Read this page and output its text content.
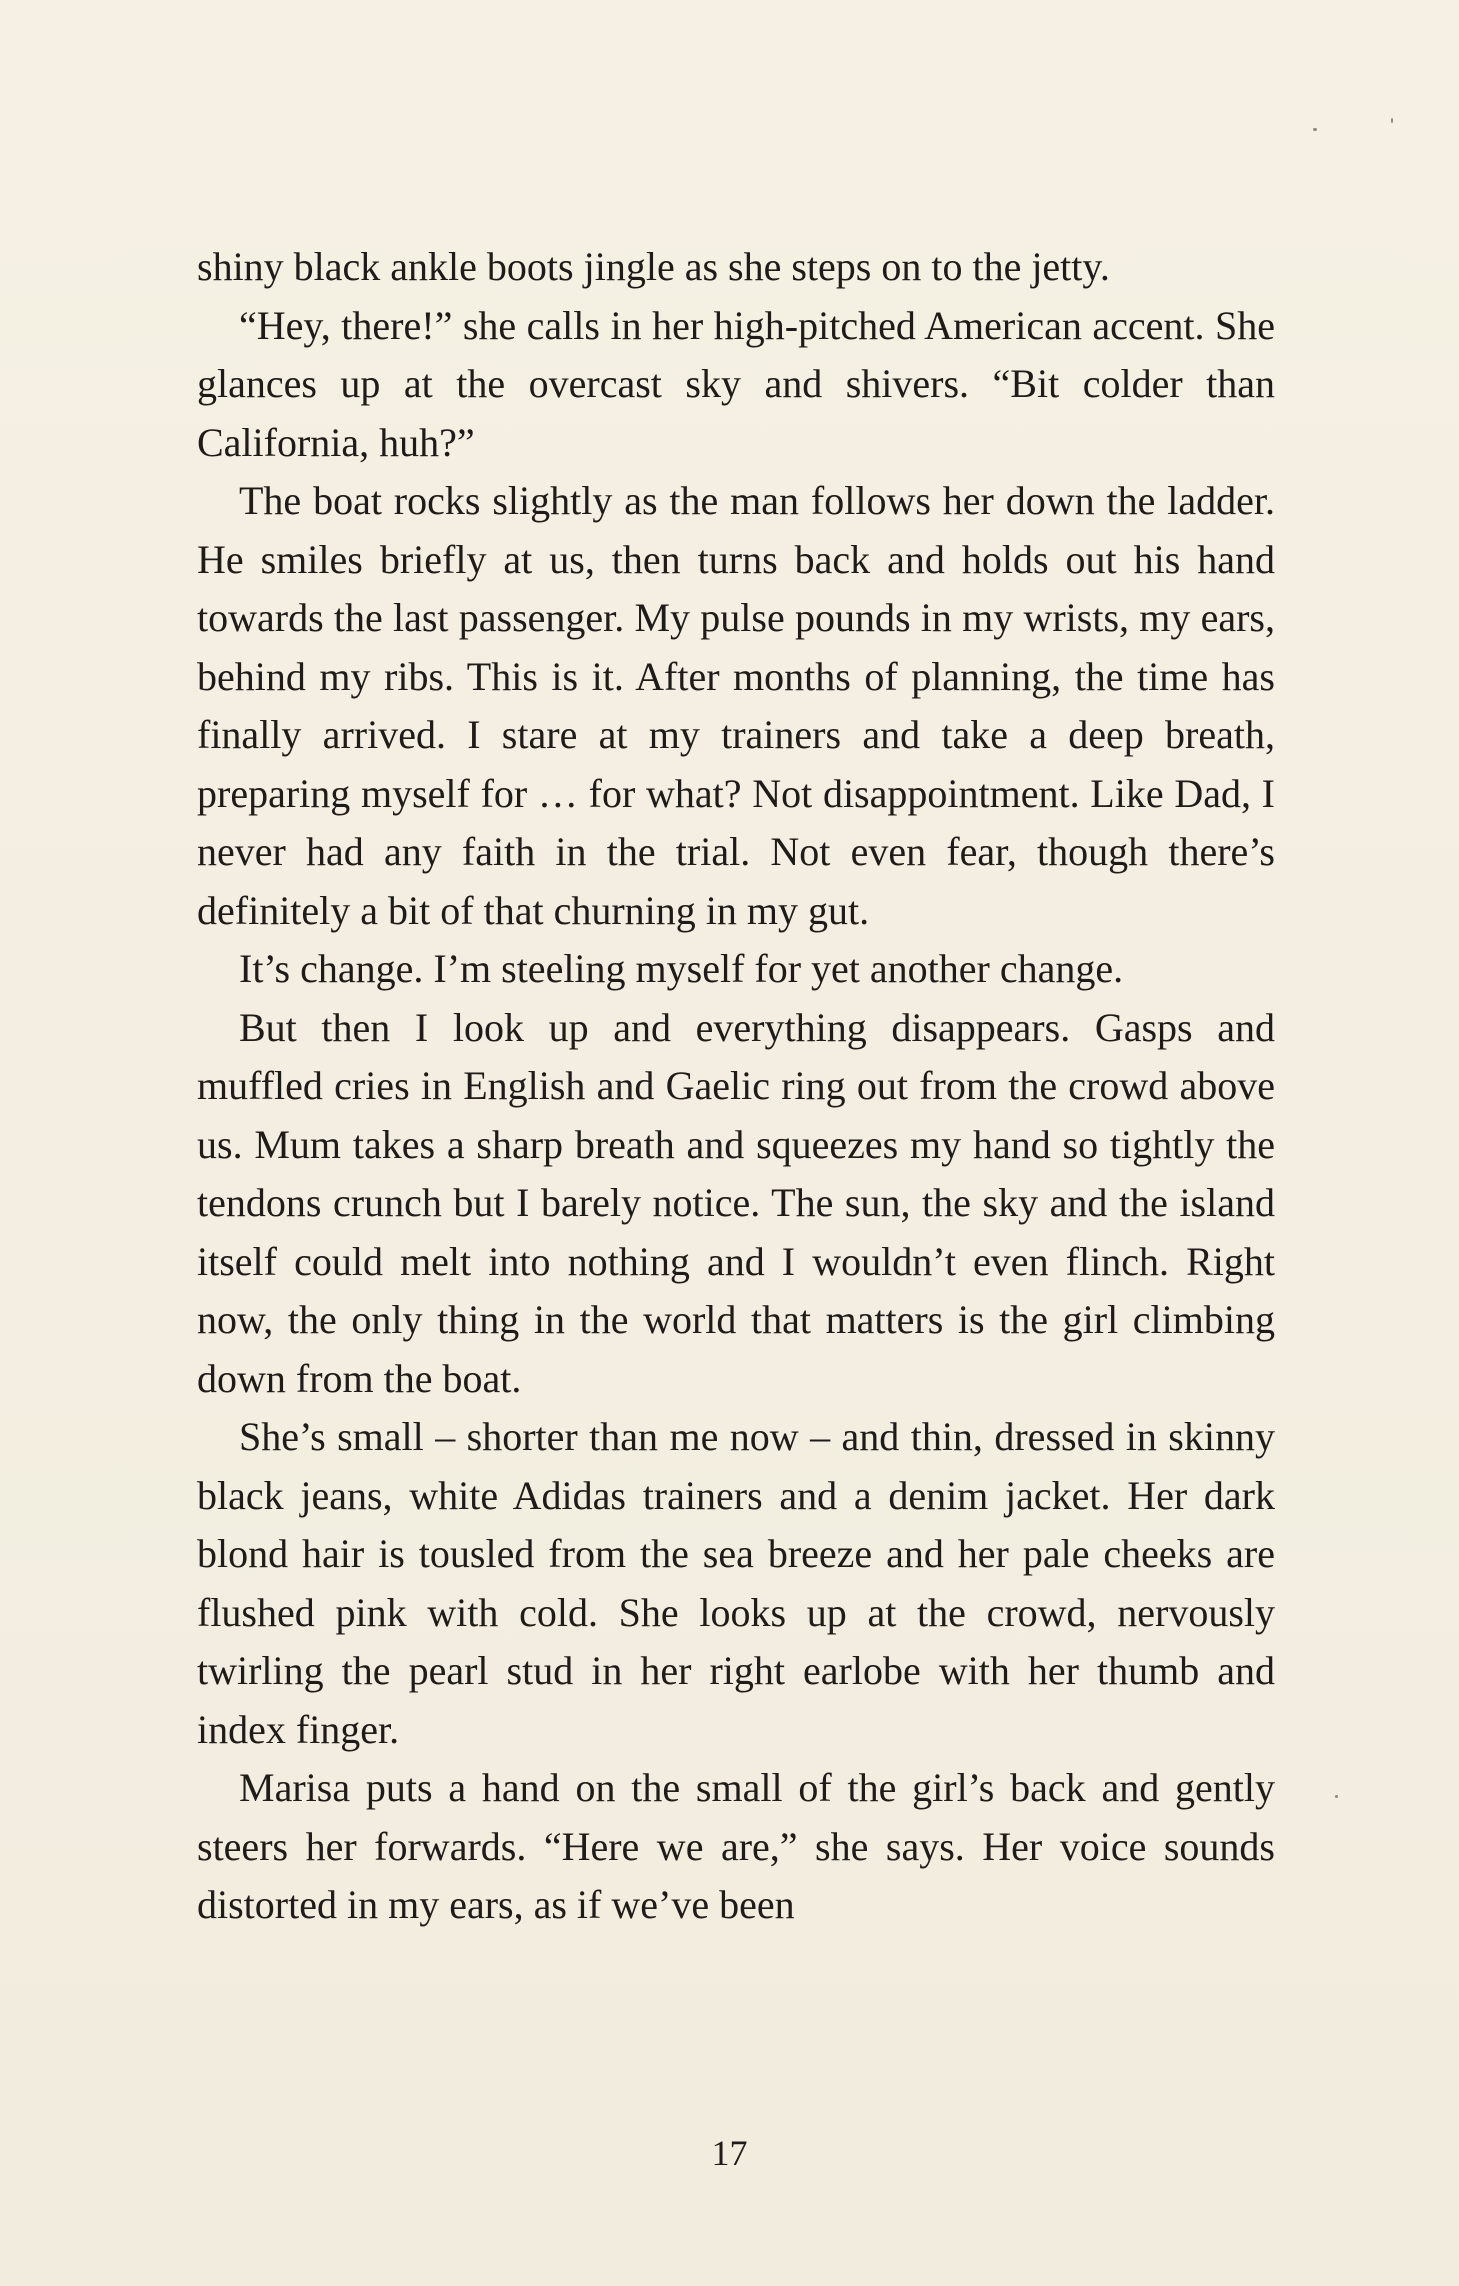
shiny black ankle boots jingle as she steps on to the jetty.

“Hey, there!” she calls in her high-pitched American accent. She glances up at the overcast sky and shivers. “Bit colder than California, huh?”

The boat rocks slightly as the man follows her down the ladder. He smiles briefly at us, then turns back and holds out his hand towards the last passenger. My pulse pounds in my wrists, my ears, behind my ribs. This is it. After months of planning, the time has finally arrived. I stare at my trainers and take a deep breath, preparing myself for … for what? Not disappointment. Like Dad, I never had any faith in the trial. Not even fear, though there’s definitely a bit of that churning in my gut.

It’s change. I’m steeling myself for yet another change.

But then I look up and everything disappears. Gasps and muffled cries in English and Gaelic ring out from the crowd above us. Mum takes a sharp breath and squeezes my hand so tightly the tendons crunch but I barely notice. The sun, the sky and the island itself could melt into nothing and I wouldn’t even flinch. Right now, the only thing in the world that matters is the girl climbing down from the boat.

She’s small – shorter than me now – and thin, dressed in skinny black jeans, white Adidas trainers and a denim jacket. Her dark blond hair is tousled from the sea breeze and her pale cheeks are flushed pink with cold. She looks up at the crowd, nervously twirling the pearl stud in her right earlobe with her thumb and index finger.

Marisa puts a hand on the small of the girl’s back and gently steers her forwards. “Here we are,” she says. Her voice sounds distorted in my ears, as if we’ve been

17
